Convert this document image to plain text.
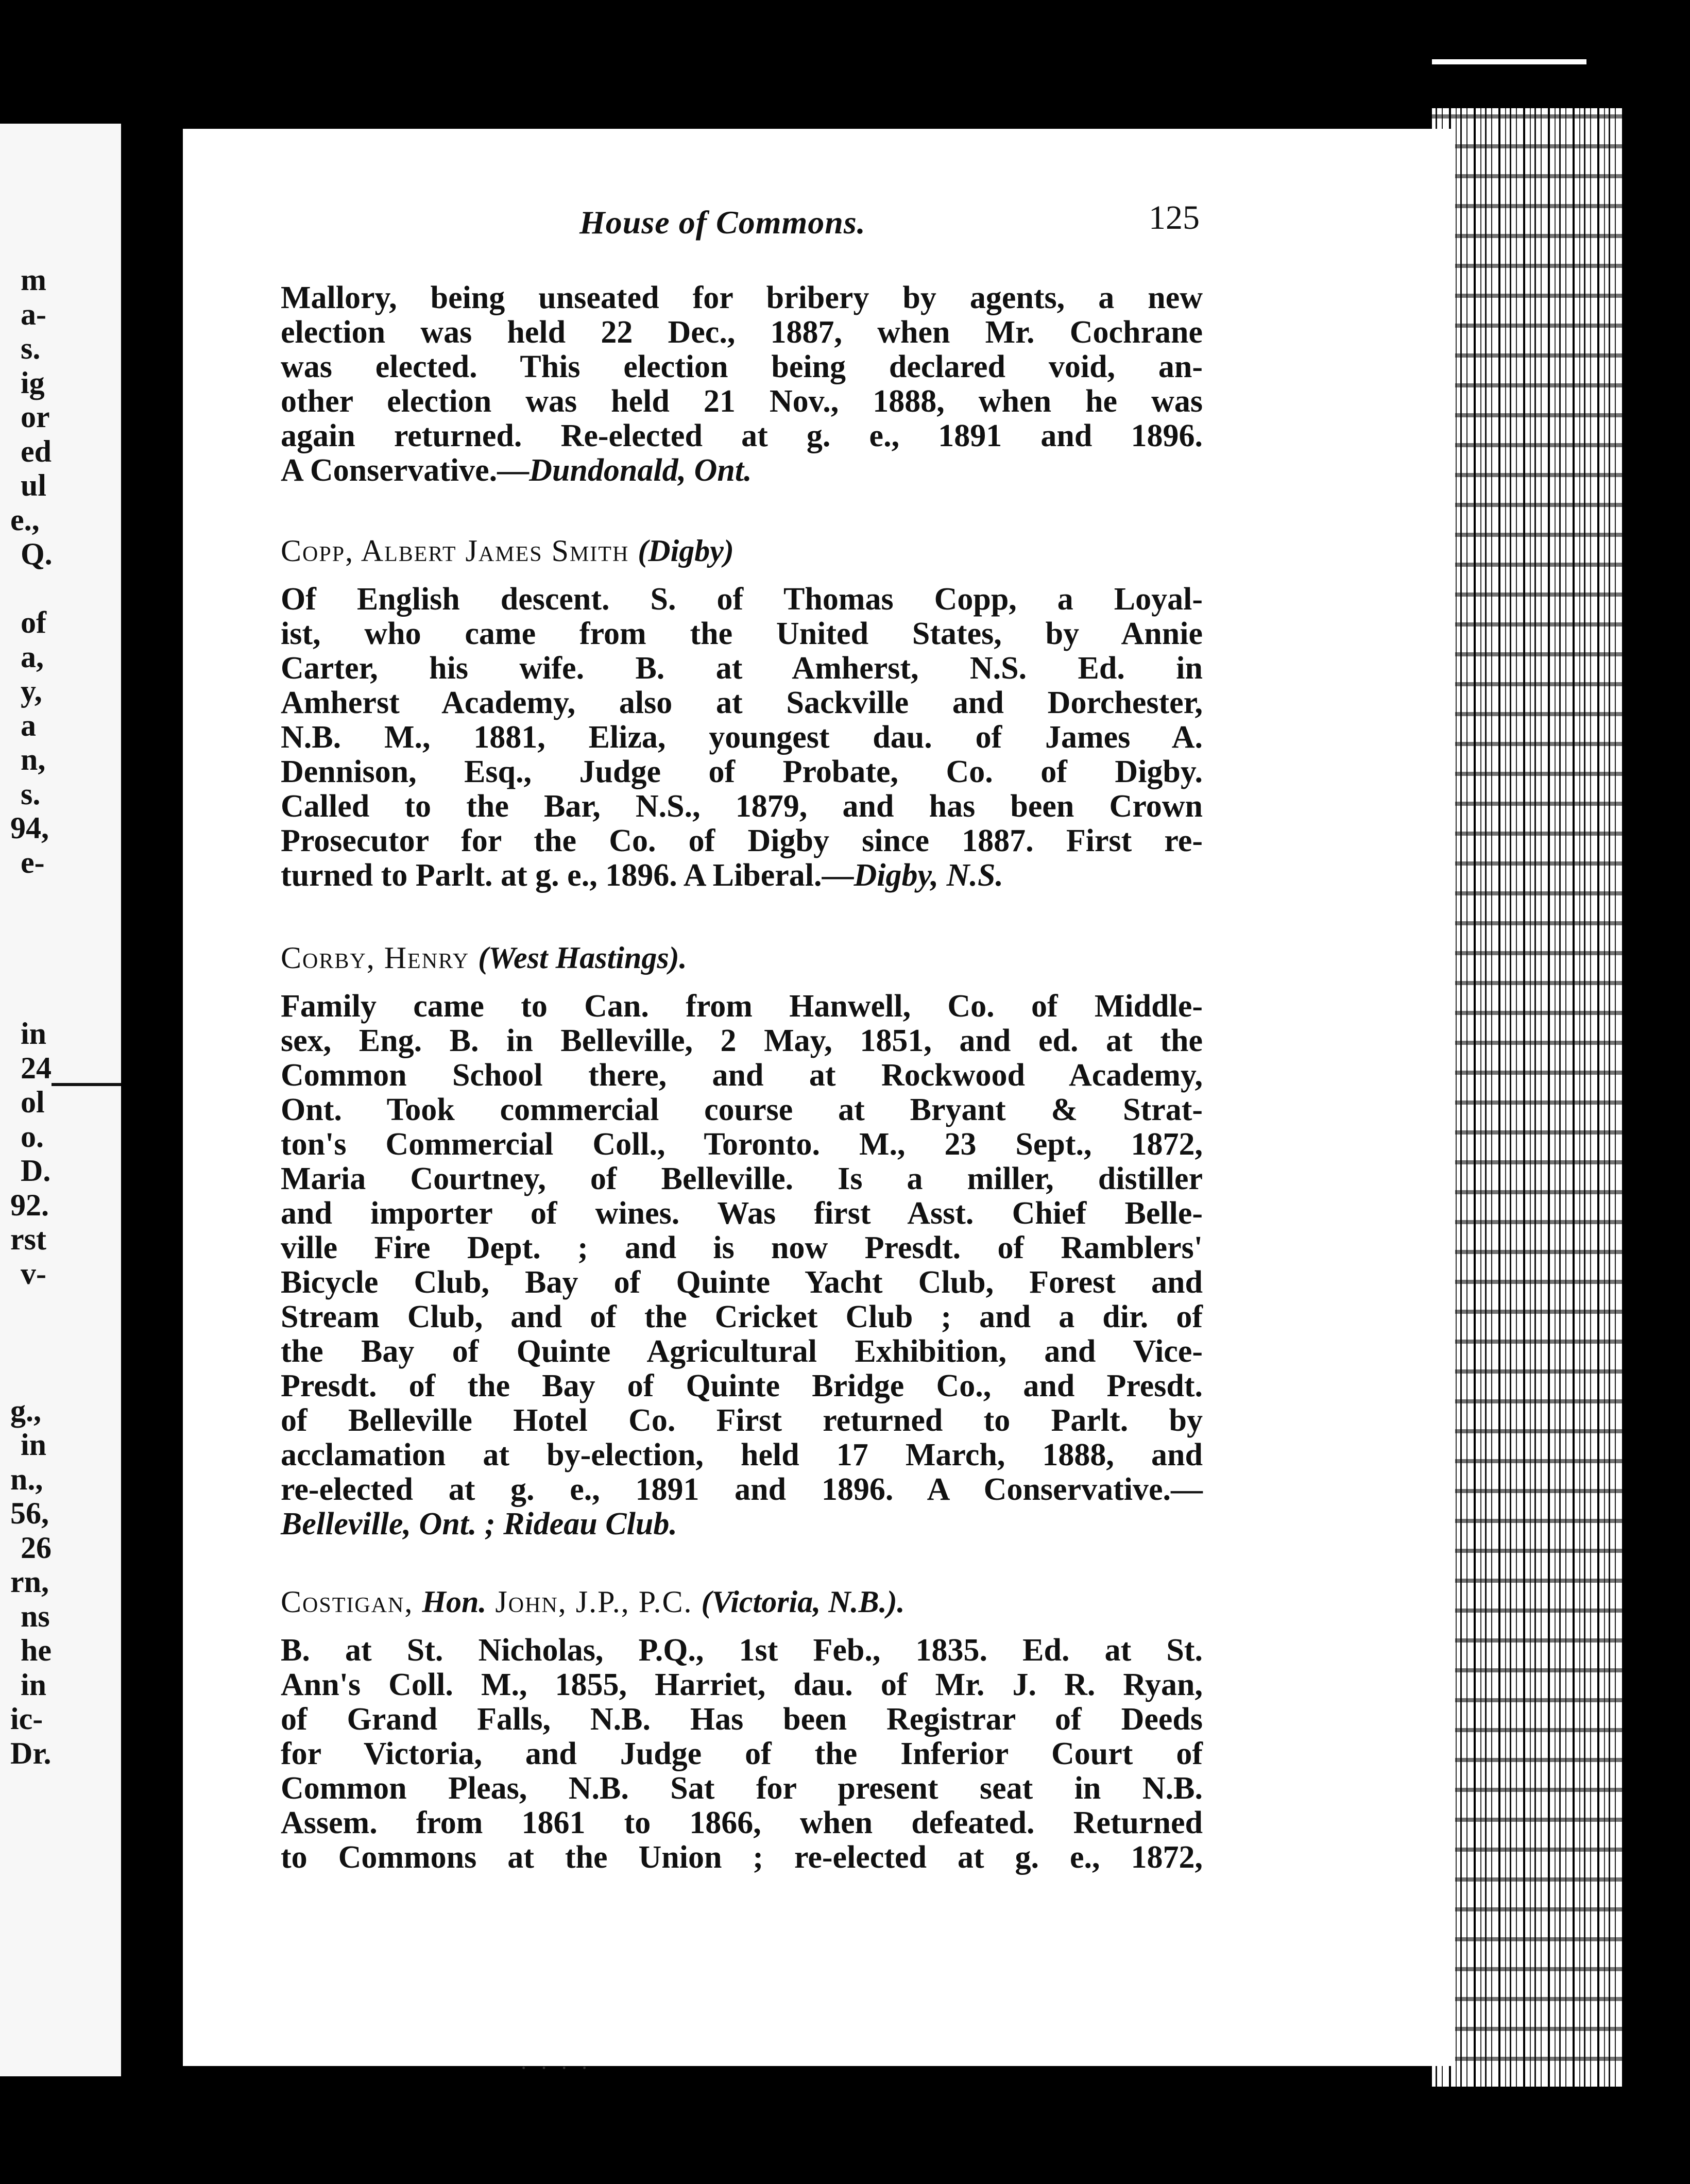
m
a-
s.
ig
or
ed
ul
e.,
Q.
of
a,
y,
a
n,
s.
94,
e-
in
24
ol
o.
D.
92.
rst
v-
g.,
in
n.,
56,
26
rn,
ns
he
in
ic-
Dr.
House of Commons.	125
Mallory, being unseated for bribery by agents, a new
election was held 22 Dec., 1887, when Mr. Cochrane
was elected. This election being declared void, an-
other election was held 21 Nov., 1888, when he was
again returned. Re-elected at g. e., 1891 and 1896.
A Conservative.—Dundonald, Ont.
Copp, Albert James Smith (Digby)
Of English descent. S. of Thomas Copp, a Loyal-
ist, who came from the United States, by Annie
Carter, his wife. B. at Amherst, N.S. Ed. in
Amherst Academy, also at Sackville and Dorchester,
N.B. M., 1881, Eliza, youngest dau. of James A.
Dennison, Esq., Judge of Probate, Co. of Digby.
Called to the Bar, N.S., 1879, and has been Crown
Prosecutor for the Co. of Digby since 1887. First re-
turned to Parlt. at g. e., 1896. A Liberal.—Digby, N.S.
Corby, Henry (West Hastings).
Family came to Can. from Hanwell, Co. of Middle-
sex, Eng. B. in Belleville, 2 May, 1851, and ed. at the
Common School there, and at Rockwood Academy,
Ont. Took commercial course at Bryant & Strat-
ton's Commercial Coll., Toronto. M., 23 Sept., 1872,
Maria Courtney, of Belleville. Is a miller, distiller
and importer of wines. Was first Asst. Chief Belle-
ville Fire Dept. ; and is now Presdt. of Ramblers'
Bicycle Club, Bay of Quinte Yacht Club, Forest and
Stream Club, and of the Cricket Club ; and a dir. of
the Bay of Quinte Agricultural Exhibition, and Vice-
Presdt. of the Bay of Quinte Bridge Co., and Presdt.
of Belleville Hotel Co. First returned to Parlt. by
acclamation at by-election, held 17 March, 1888, and
re-elected at g. e., 1891 and 1896. A Conservative.—
Belleville, Ont. ; Rideau Club.
Costigan, Hon. John, J.P., P.C. (Victoria, N.B.).
B. at St. Nicholas, P.Q., 1st Feb., 1835. Ed. at St.
Ann's Coll. M., 1855, Harriet, dau. of Mr. J. R. Ryan,
of Grand Falls, N.B. Has been Registrar of Deeds
for Victoria, and Judge of the Inferior Court of
Common Pleas, N.B. Sat for present seat in N.B.
Assem. from 1861 to 1866, when defeated. Returned
to Commons at the Union ; re-elected at g. e., 1872,
· · · ·
